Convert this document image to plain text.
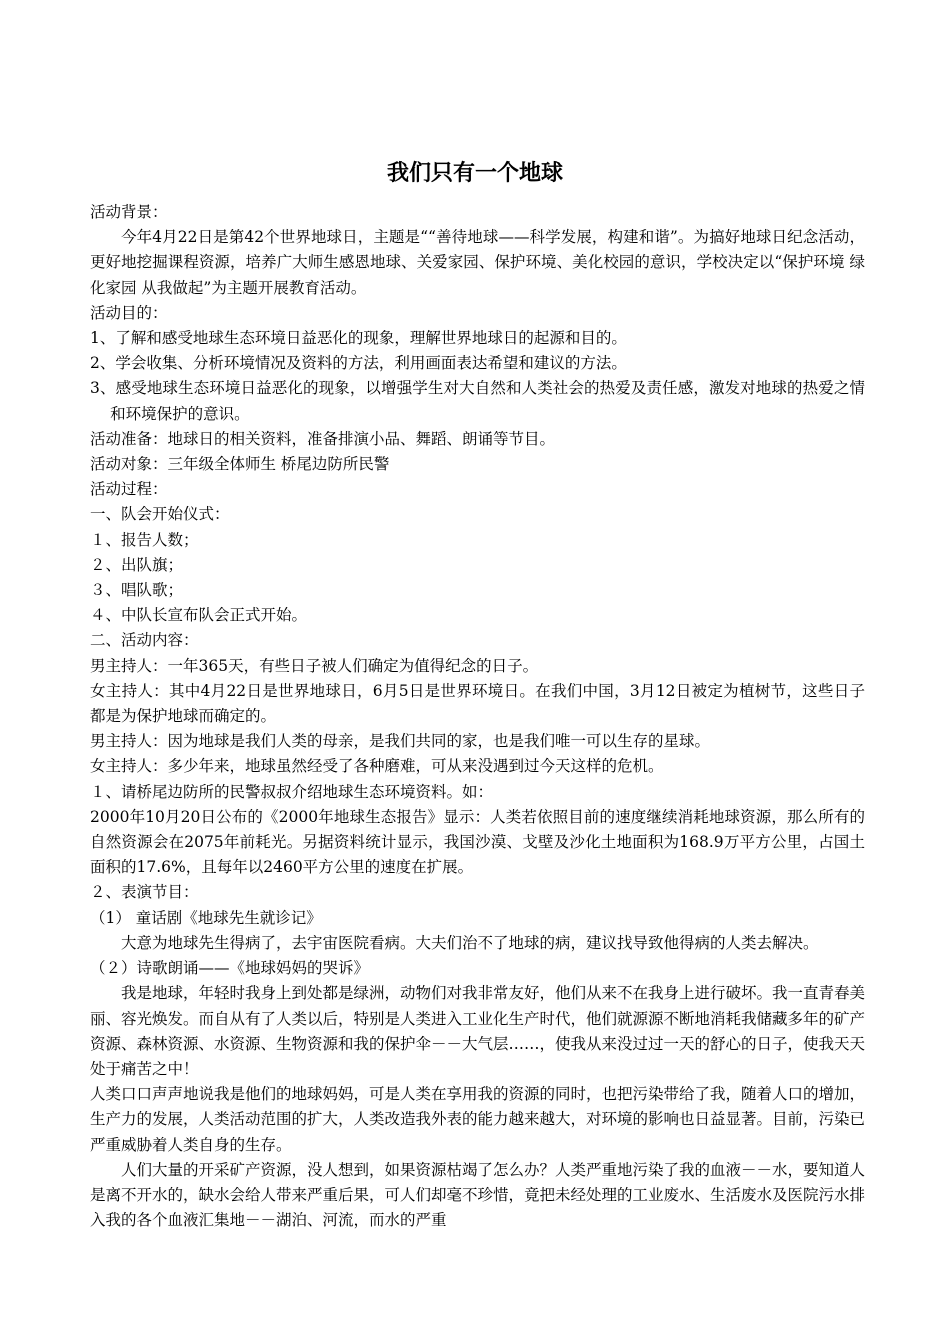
我们只有一个地球

活动背景：

今年4月22日是第42个世界地球日，主题是““善待地球——科学发展，构建和谐”。为搞好地球日纪念活动，更好地挖掘课程资源，培养广大师生感恩地球、关爱家园、保护环境、美化校园的意识，学校决定以“保护环境 绿化家园 从我做起”为主题开展教育活动。

活动目的：

1、了解和感受地球生态环境日益恶化的现象，理解世界地球日的起源和目的。

2、学会收集、分析环境情况及资料的方法，利用画面表达希望和建议的方法。

3、感受地球生态环境日益恶化的现象，以增强学生对大自然和人类社会的热爱及责任感，激发对地球的热爱之情和环境保护的意识。

活动准备：地球日的相关资料，准备排演小品、舞蹈、朗诵等节目。

活动对象：三年级全体师生 桥尾边防所民警

活动过程：

一、队会开始仪式：

１、报告人数；

２、出队旗；

３、唱队歌；

４、中队长宣布队会正式开始。

二、活动内容：

男主持人：一年365天，有些日子被人们确定为值得纪念的日子。

女主持人：其中4月22日是世界地球日，6月5日是世界环境日。在我们中国，3月12日被定为植树节，这些日子都是为保护地球而确定的。

男主持人：因为地球是我们人类的母亲，是我们共同的家，也是我们唯一可以生存的星球。

女主持人：多少年来，地球虽然经受了各种磨难，可从来没遇到过今天这样的危机。

１、请桥尾边防所的民警叔叔介绍地球生态环境资料。如：

2000年10月20日公布的《2000年地球生态报告》显示：人类若依照目前的速度继续消耗地球资源，那么所有的自然资源会在2075年前耗光。另据资料统计显示，我国沙漠、戈壁及沙化土地面积为168.9万平方公里，占国土面积的17.6%，且每年以2460平方公里的速度在扩展。

２、表演节目：

（1） 童话剧《地球先生就诊记》

大意为地球先生得病了，去宇宙医院看病。大夫们治不了地球的病，建议找导致他得病的人类去解决。

（２）诗歌朗诵——《地球妈妈的哭诉》

我是地球，年轻时我身上到处都是绿洲，动物们对我非常友好，他们从来不在我身上进行破坏。我一直青春美丽、容光焕发。而自从有了人类以后，特别是人类进入工业化生产时代，他们就源源不断地消耗我储藏多年的矿产资源、森林资源、水资源、生物资源和我的保护伞－－大气层……，使我从来没过过一天的舒心的日子，使我天天处于痛苦之中！

人类口口声声地说我是他们的地球妈妈，可是人类在享用我的资源的同时，也把污染带给了我，随着人口的增加，生产力的发展，人类活动范围的扩大，人类改造我外表的能力越来越大，对环境的影响也日益显著。目前，污染已严重威胁着人类自身的生存。

人们大量的开采矿产资源，没人想到，如果资源枯竭了怎么办？人类严重地污染了我的血液－－水，要知道人是离不开水的，缺水会给人带来严重后果，可人们却毫不珍惜，竟把未经处理的工业废水、生活废水及医院污水排入我的各个血液汇集地－－湖泊、河流，而水的严重
